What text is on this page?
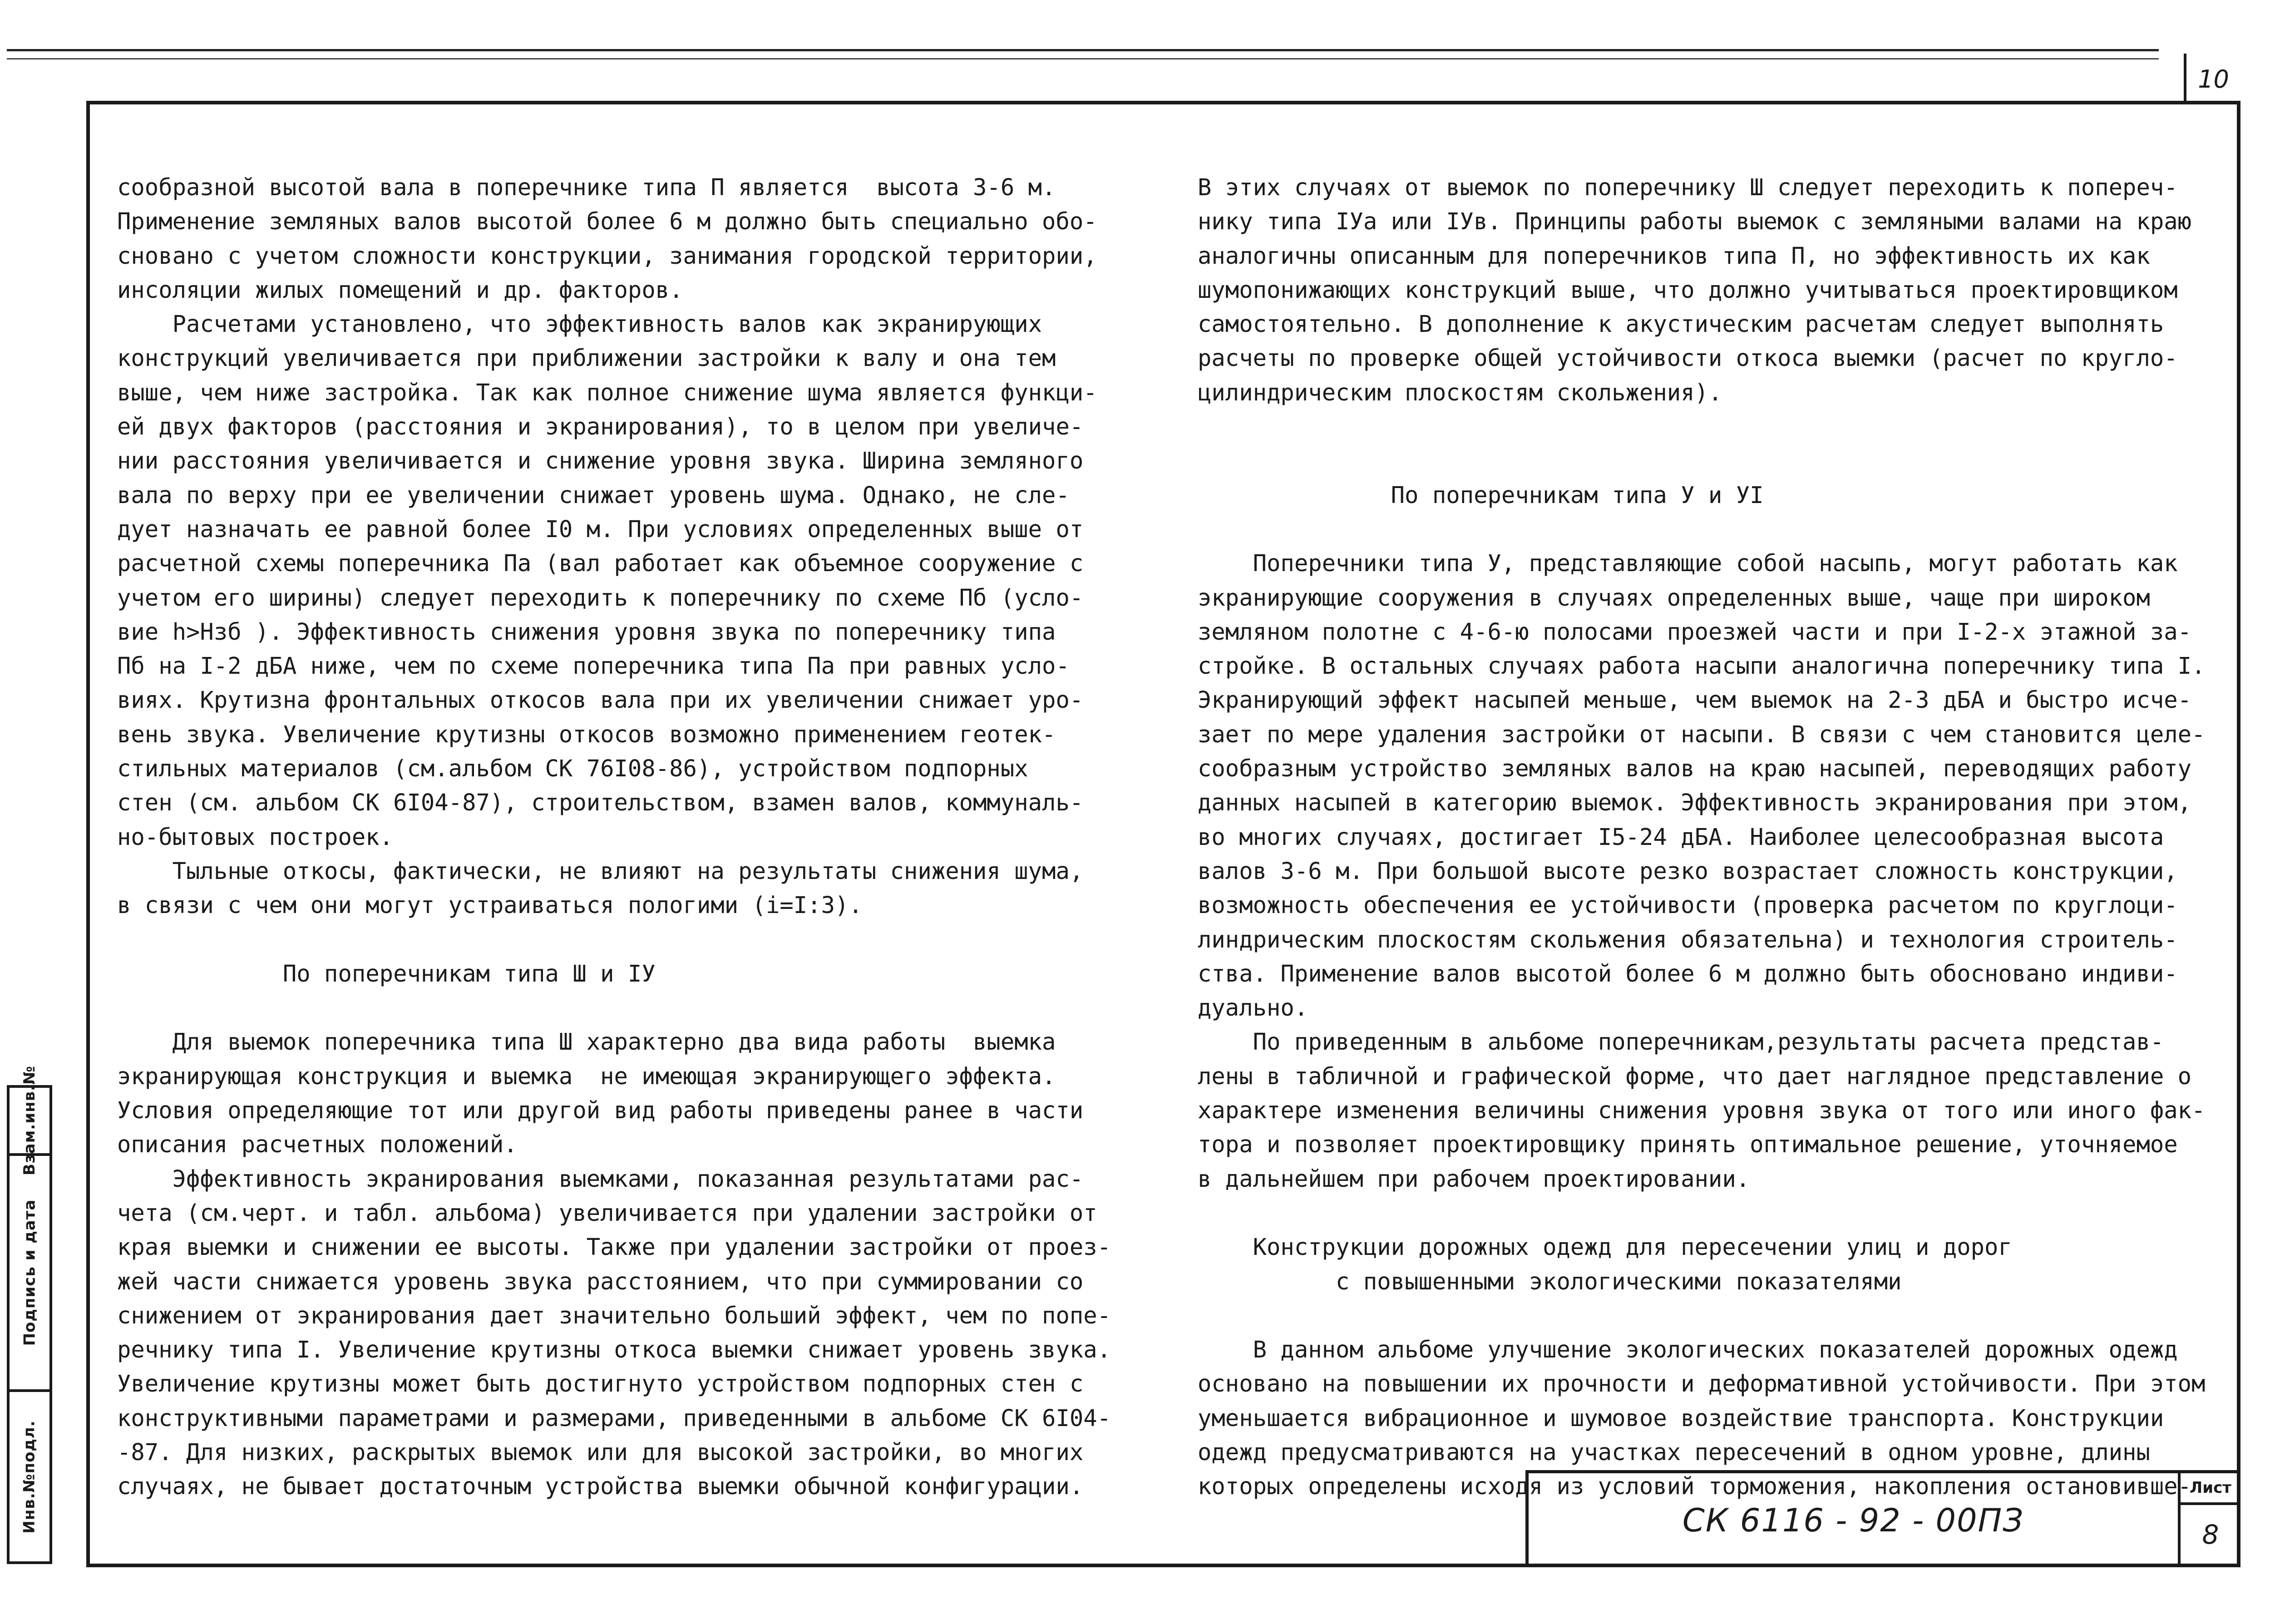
10
сообразной высотой вала в поперечнике типа П является  высота 3-6 м.
Применение земляных валов высотой более 6 м должно быть специально обо-
сновано с учетом сложности конструкции, занимания городской территории,
инсоляции жилых помещений и др. факторов.
Расчетами установлено, что эффективность валов как экранирующих
конструкций увеличивается при приближении застройки к валу и она тем
выше, чем ниже застройка. Так как полное снижение шума является функци-
ей двух факторов (расстояния и экранирования), то в целом при увеличе-
нии расстояния увеличивается и снижение уровня звука. Ширина земляного
вала по верху при ее увеличении снижает уровень шума. Однако, не сле-
дует назначать ее равной более I0 м. При условиях определенных выше от
расчетной схемы поперечника Па (вал работает как объемное сооружение с
учетом его ширины) следует переходить к поперечнику по схеме Пб (усло-
вие h>Hзб ). Эффективность снижения уровня звука по поперечнику типа
Пб на I-2 дБА ниже, чем по схеме поперечника типа Па при равных усло-
виях. Крутизна фронтальных откосов вала при их увеличении снижает уро-
вень звука. Увеличение крутизны откосов возможно применением геотек-
стильных материалов (см.альбом СК 76I08-86), устройством подпорных
стен (см. альбом СК 6I04-87), строительством, взамен валов, коммуналь-
но-бытовых построек.
Тыльные откосы, фактически, не влияют на результаты снижения шума,
в связи с чем они могут устраиваться пологими (i=I:3).

По поперечникам типа Ш и IУ

Для выемок поперечника типа Ш характерно два вида работы  выемка
экранирующая конструкция и выемка  не имеющая экранирующего эффекта.
Условия определяющие тот или другой вид работы приведены ранее в части
описания расчетных положений.
Эффективность экранирования выемками, показанная результатами рас-
чета (см.черт. и табл. альбома) увеличивается при удалении застройки от
края выемки и снижении ее высоты. Также при удалении застройки от проез-
жей части снижается уровень звука расстоянием, что при суммировании со
снижением от экранирования дает значительно больший эффект, чем по попе-
речнику типа I. Увеличение крутизны откоса выемки снижает уровень звука.
Увеличение крутизны может быть достигнуто устройством подпорных стен с
конструктивными параметрами и размерами, приведенными в альбоме СК 6I04-
-87. Для низких, раскрытых выемок или для высокой застройки, во многих
случаях, не бывает достаточным устройства выемки обычной конфигурации.
В этих случаях от выемок по поперечнику Ш следует переходить к попереч-
нику типа IУа или IУв. Принципы работы выемок с земляными валами на краю
аналогичны описанным для поперечников типа П, но эффективность их как
шумопонижающих конструкций выше, что должно учитываться проектировщиком
самостоятельно. В дополнение к акустическим расчетам следует выполнять
расчеты по проверке общей устойчивости откоса выемки (расчет по кругло-
цилиндрическим плоскостям скольжения).

По поперечникам типа У и УI

Поперечники типа У, представляющие собой насыпь, могут работать как
экранирующие сооружения в случаях определенных выше, чаще при широком
земляном полотне с 4-6-ю полосами проезжей части и при I-2-х этажной за-
стройке. В остальных случаях работа насыпи аналогична поперечнику типа I.
Экранирующий эффект насыпей меньше, чем выемок на 2-3 дБА и быстро исче-
зает по мере удаления застройки от насыпи. В связи с чем становится целе-
сообразным устройство земляных валов на краю насыпей, переводящих работу
данных насыпей в категорию выемок. Эффективность экранирования при этом,
во многих случаях, достигает I5-24 дБА. Наиболее целесообразная высота
валов 3-6 м. При большой высоте резко возрастает сложность конструкции,
возможность обеспечения ее устойчивости (проверка расчетом по круглоци-
линдрическим плоскостям скольжения обязательна) и технология строитель-
ства. Применение валов высотой более 6 м должно быть обосновано индиви-
дуально.
По приведенным в альбоме поперечникам,результаты расчета представ-
лены в табличной и графической форме, что дает наглядное представление о
характере изменения величины снижения уровня звука от того или иного фак-
тора и позволяет проектировщику принять оптимальное решение, уточняемое
в дальнейшем при рабочем проектировании.

Конструкции дорожных одежд для пересечении улиц и дорог
с повышенными экологическими показателями

В данном альбоме улучшение экологических показателей дорожных одежд
основано на повышении их прочности и деформативной устойчивости. При этом
уменьшается вибрационное и шумовое воздействие транспорта. Конструкции
одежд предусматриваются на участках пересечений в одном уровне, длины
которых определены исходя из условий торможения, накопления остановивше-
СК 6116 - 92 - 00ПЗ
Лист
8
Взам.инв.№
Подпись и дата
Инв.№подл.
